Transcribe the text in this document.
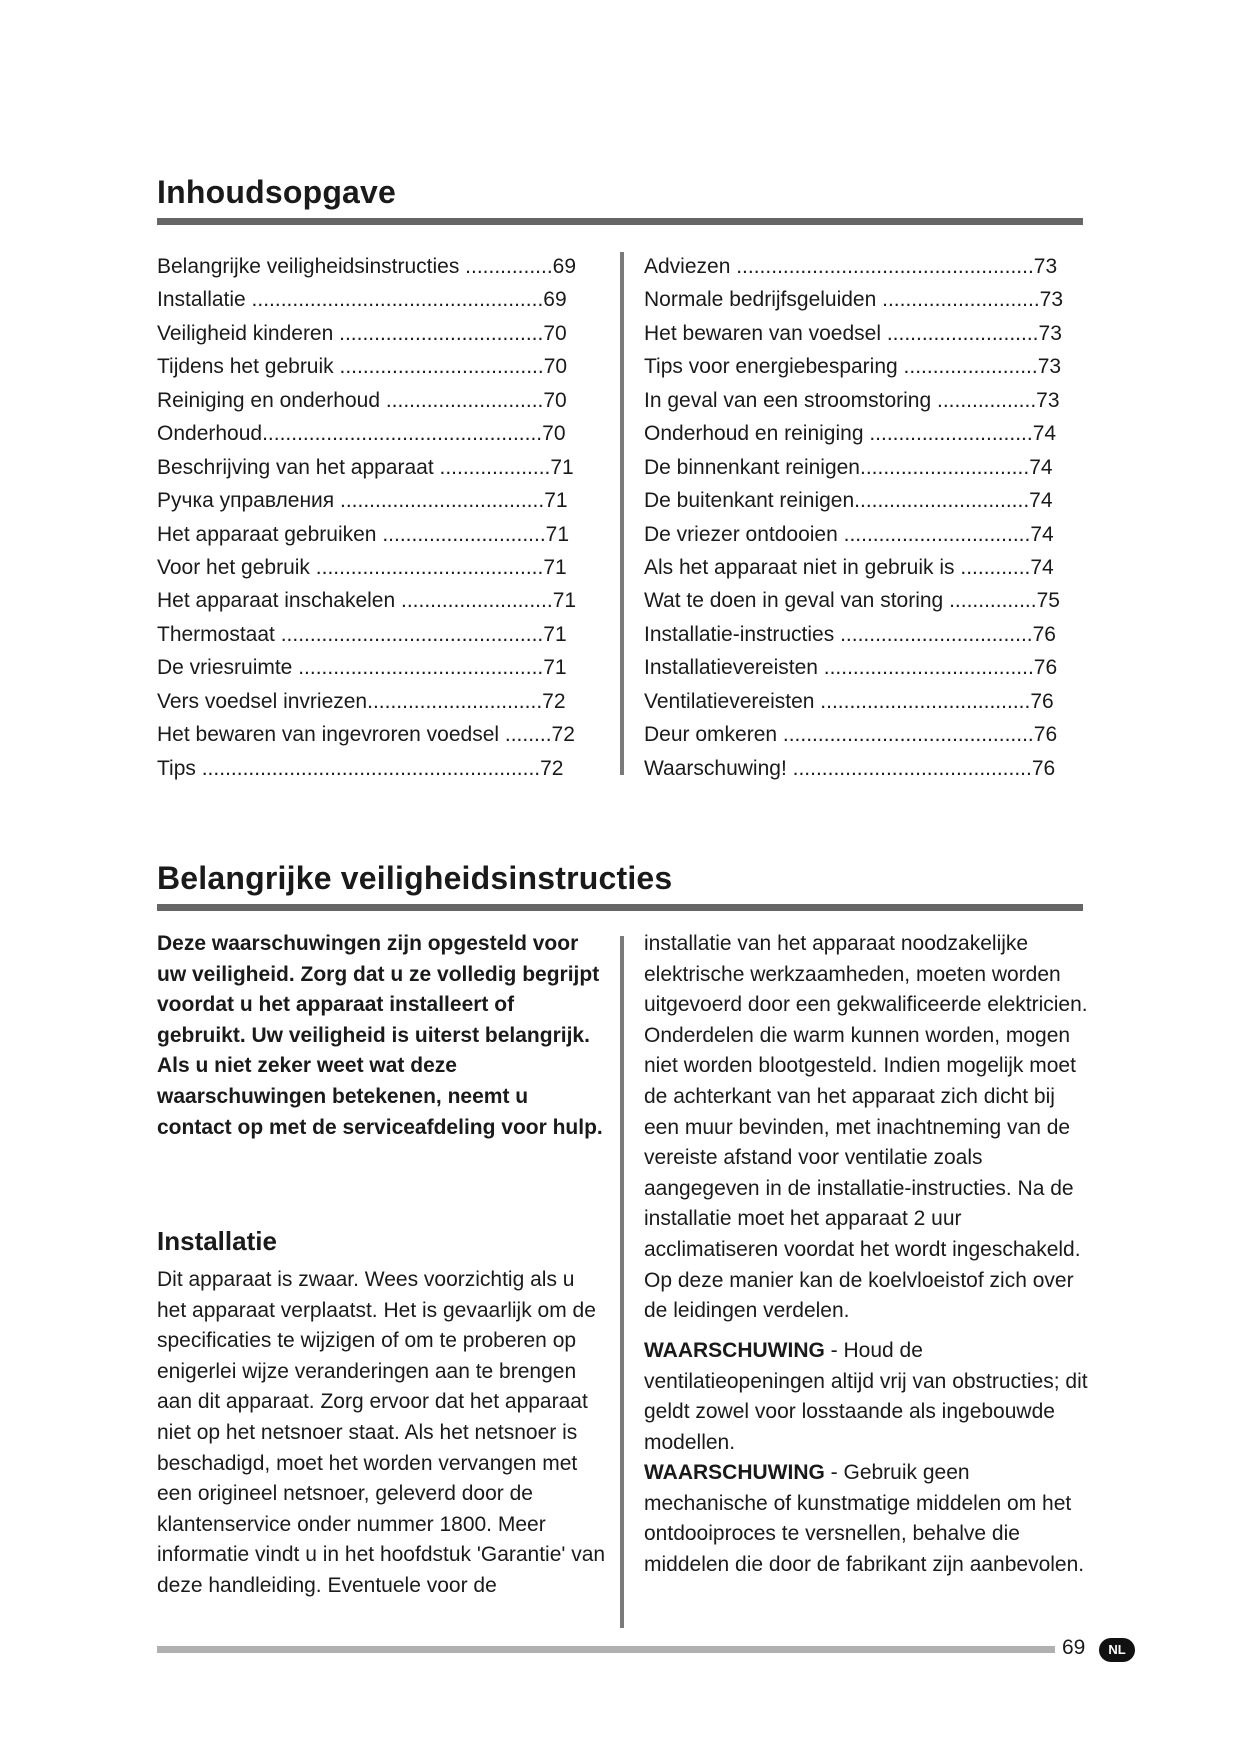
Inhoudsopgave
Belangrijke veiligheidsinstructies ...............69
Installatie ..................................................69
Veiligheid kinderen ...................................70
Tijdens het gebruik ...................................70
Reiniging en onderhoud ...........................70
Onderhoud................................................70
Beschrijving van het apparaat ...................71
Ручка управления ...................................71
Het apparaat gebruiken ............................71
Voor het gebruik .......................................71
Het apparaat inschakelen ..........................71
Thermostaat .............................................71
De vriesruimte ..........................................71
Vers voedsel invriezen..............................72
Het bewaren van ingevroren voedsel ........72
Tips ..........................................................72
Adviezen ...................................................73
Normale bedrijfsgeluiden ...........................73
Het bewaren van voedsel ..........................73
Tips voor energiebesparing .......................73
In geval van een stroomstoring .................73
Onderhoud en reiniging ............................74
De binnenkant reinigen.............................74
De buitenkant reinigen..............................74
De vriezer ontdooien ................................74
Als het apparaat niet in gebruik is ............74
Wat te doen in geval van storing ...............75
Installatie-instructies .................................76
Installatievereisten ....................................76
Ventilatievereisten ....................................76
Deur omkeren ...........................................76
Waarschuwing! .........................................76
Belangrijke veiligheidsinstructies
Deze waarschuwingen zijn opgesteld voor uw veiligheid. Zorg dat u ze volledig begrijpt voordat u het apparaat installeert of gebruikt. Uw veiligheid is uiterst belangrijk. Als u niet zeker weet wat deze waarschuwingen betekenen, neemt u contact op met de serviceafdeling voor hulp.
Installatie
Dit apparaat is zwaar. Wees voorzichtig als u het apparaat verplaatst. Het is gevaarlijk om de specificaties te wijzigen of om te proberen op enigerlei wijze veranderingen aan te brengen aan dit apparaat. Zorg ervoor dat het apparaat niet op het netsnoer staat. Als het netsnoer is beschadigd, moet het worden vervangen met een origineel netsnoer, geleverd door de klantenservice onder nummer 1800. Meer informatie vindt u in het hoofdstuk 'Garantie' van deze handleiding. Eventuele voor de
installatie van het apparaat noodzakelijke elektrische werkzaamheden, moeten worden uitgevoerd door een gekwalificeerde elektricien. Onderdelen die warm kunnen worden, mogen niet worden blootgesteld. Indien mogelijk moet de achterkant van het apparaat zich dicht bij een muur bevinden, met inachtneming van de vereiste afstand voor ventilatie zoals aangegeven in de installatie-instructies. Na de installatie moet het apparaat 2 uur acclimatiseren voordat het wordt ingeschakeld. Op deze manier kan de koelvloeistof zich over de leidingen verdelen.
WAARSCHUWING - Houd de ventilatieopeningen altijd vrij van obstructies; dit geldt zowel voor losstaande als ingebouwde modellen.
WAARSCHUWING - Gebruik geen mechanische of kunstmatige middelen om het ontdooiproces te versnellen, behalve die middelen die door de fabrikant zijn aanbevolen.
69	NL
